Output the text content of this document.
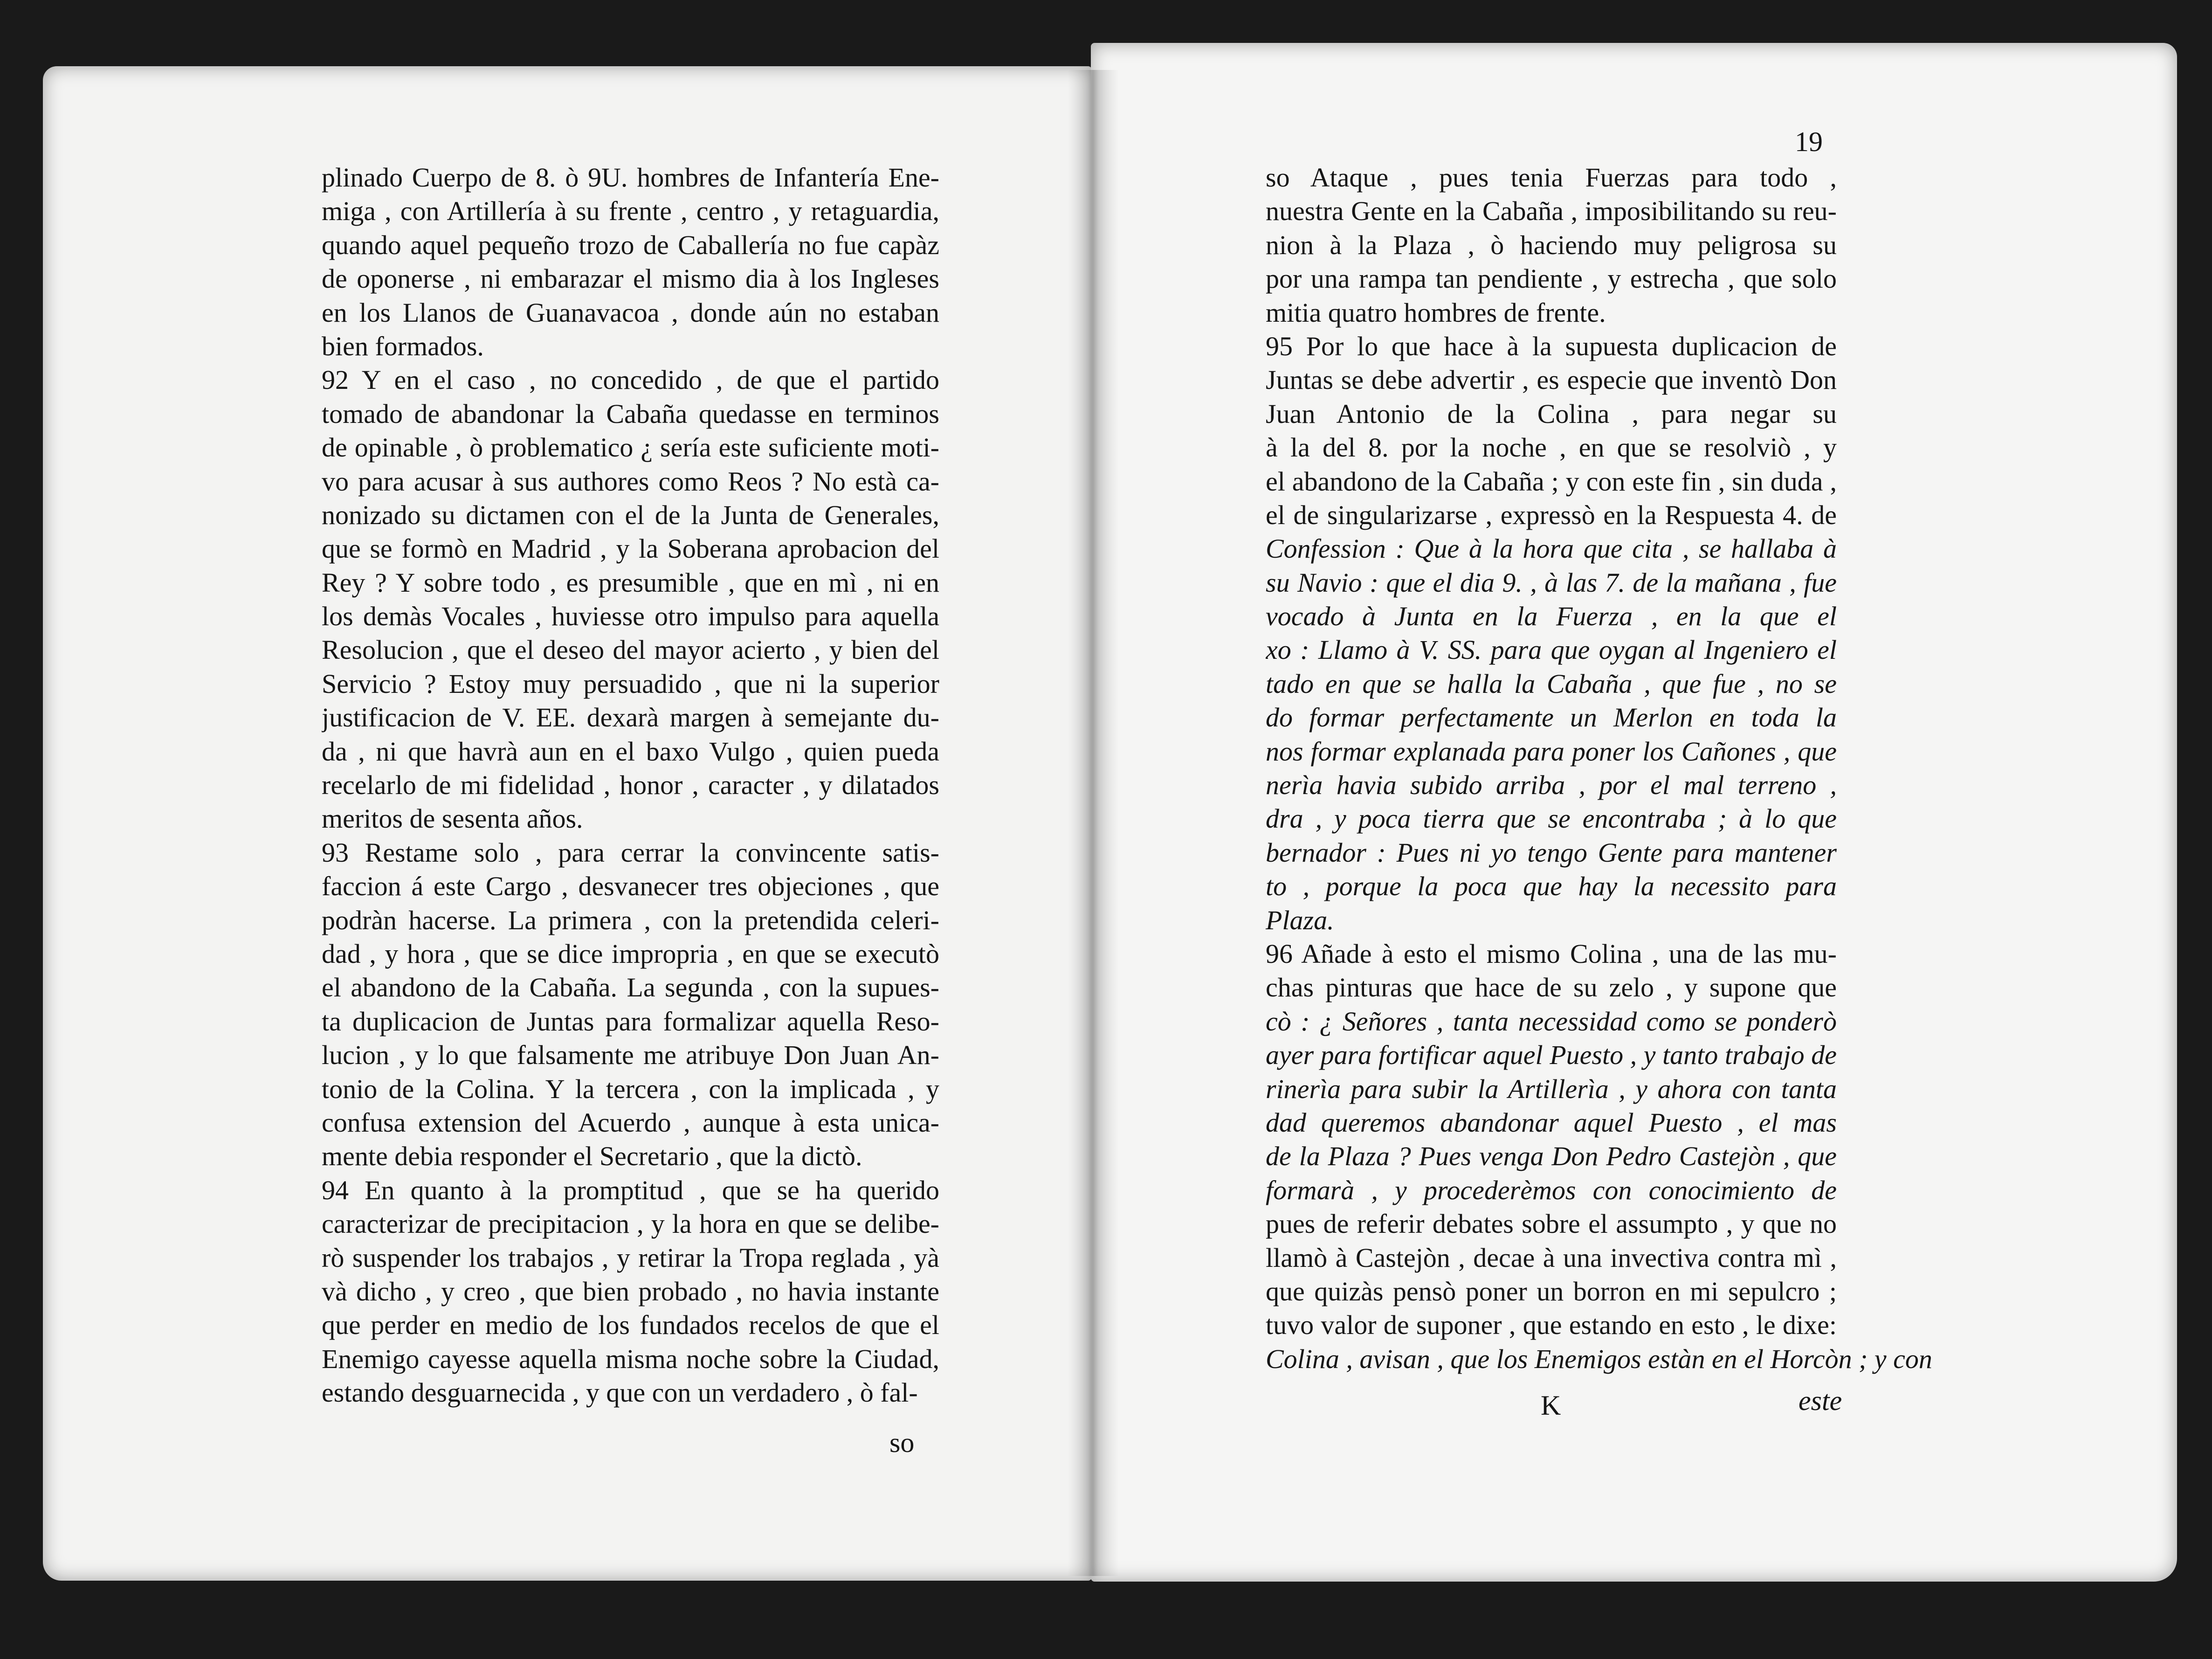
plinado Cuerpo de 8. ò 9U. hombres de Infantería Ene-
miga , con Artillería à su frente , centro , y retaguardia,
quando aquel pequeño trozo de Caballería no fue capàz
de oponerse , ni embarazar el mismo dia à los Ingleses
en los Llanos de Guanavacoa , donde aún no estaban
bien formados.
92 Y en el caso , no concedido , de que el partido
tomado de abandonar la Cabaña quedasse en terminos
de opinable , ò problematico ¿ sería este suficiente moti-
vo para acusar à sus authores como Reos ? No està ca-
nonizado su dictamen con el de la Junta de Generales,
que se formò en Madrid , y la Soberana aprobacion del
Rey ? Y sobre todo , es presumible , que en mì , ni en
los demàs Vocales , huviesse otro impulso para aquella
Resolucion , que el deseo del mayor acierto , y bien del
Servicio ? Estoy muy persuadido , que ni la superior
justificacion de V. EE. dexarà margen à semejante du-
da , ni que havrà aun en el baxo Vulgo , quien pueda
recelarlo de mi fidelidad , honor , caracter , y dilatados
meritos de sesenta años.
93 Restame solo , para cerrar la convincente satis-
faccion á este Cargo , desvanecer tres objeciones , que
podràn hacerse. La primera , con la pretendida celeri-
dad , y hora , que se dice impropria , en que se executò
el abandono de la Cabaña. La segunda , con la supues-
ta duplicacion de Juntas para formalizar aquella Reso-
lucion , y lo que falsamente me atribuye Don Juan An-
tonio de la Colina. Y la tercera , con la implicada , y
confusa extension del Acuerdo , aunque à esta unica-
mente debia responder el Secretario , que la dictò.
94 En quanto à la promptitud , que se ha querido
caracterizar de precipitacion , y la hora en que se delibe-
rò suspender los trabajos , y retirar la Tropa reglada , yà
và dicho , y creo , que bien probado , no havia instante
que perder en medio de los fundados recelos de que el
Enemigo cayesse aquella misma noche sobre la Ciudad,
estando desguarnecida , y que con un verdadero , ò fal-
so Ataque , pues tenia Fuerzas para todo ,
nuestra Gente en la Cabaña , imposibilitando su reu-
nion à la Plaza , ò haciendo muy peligrosa su
por una rampa tan pendiente , y estrecha , que solo
mitia quatro hombres de frente.
95 Por lo que hace à la supuesta duplicacion de
Juntas se debe advertir , es especie que inventò Don
Juan Antonio de la Colina , para negar su
à la del 8. por la noche , en que se resolviò , y
el abandono de la Cabaña ; y con este fin , sin duda ,
el de singularizarse , expressò en la Respuesta 4. de
Confession : Que à la hora que cita , se hallaba à
su Navio : que el dia 9. , à las 7. de la mañana , fue
vocado à Junta en la Fuerza , en la que el
xo : Llamo à V. SS. para que oygan al Ingeniero el
tado en que se halla la Cabaña , que fue , no se
do formar perfectamente un Merlon en toda la
nos formar explanada para poner los Cañones , que
nerìa havia subido arriba , por el mal terreno ,
dra , y poca tierra que se encontraba ; à lo que
bernador : Pues ni yo tengo Gente para mantener
to , porque la poca que hay la necessito para
Plaza.
96 Añade à esto el mismo Colina , una de las mu-
chas pinturas que hace de su zelo , y supone que
cò : ¿ Señores , tanta necessidad como se ponderò
ayer para fortificar aquel Puesto , y tanto trabajo de
rinerìa para subir la Artillerìa , y ahora con tanta
dad queremos abandonar aquel Puesto , el mas
de la Plaza ? Pues venga Don Pedro Castejòn , que
formarà , y procederèmos con conocimiento de
pues de referir debates sobre el assumpto , y que no
llamò à Castejòn , decae à una invectiva contra mì ,
que quizàs pensò poner un borron en mi sepulcro ;
tuvo valor de suponer , que estando en esto , le dixe:
Colina , avisan , que los Enemigos estàn en el Horcòn ; y con
19
so
K	este
